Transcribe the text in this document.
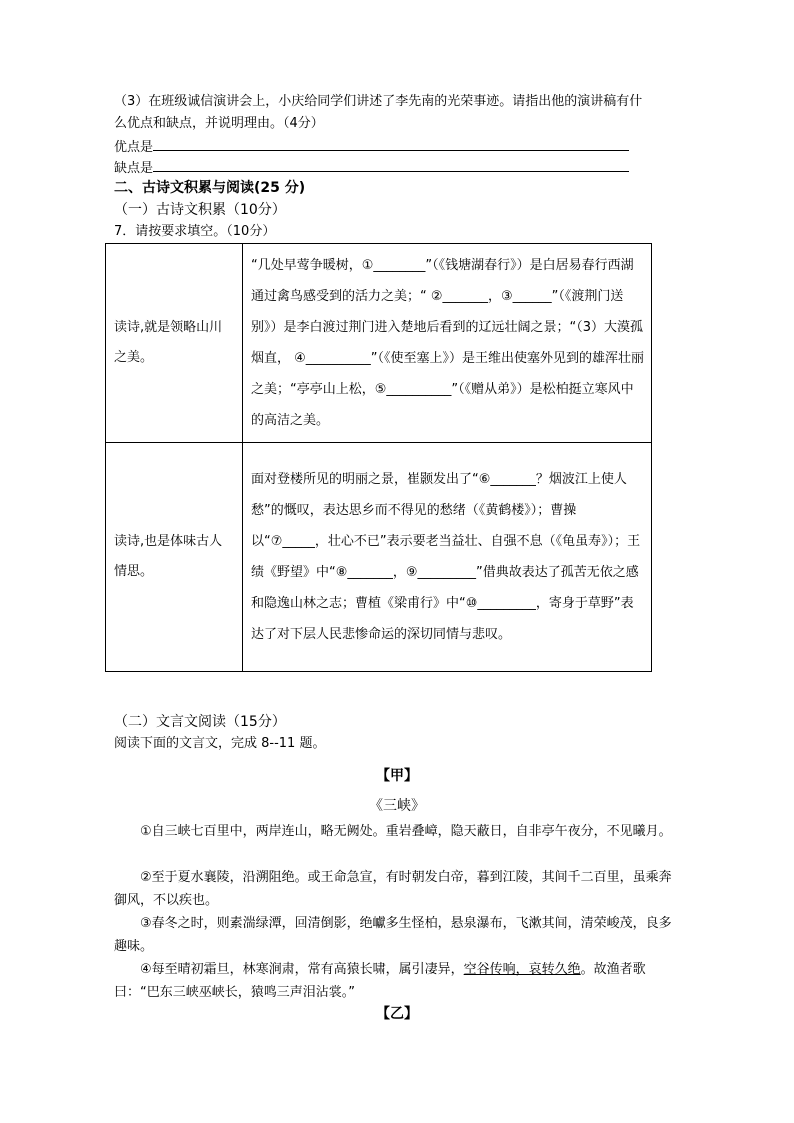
（3）在班级诚信演讲会上，小庆给同学们讲述了李先南的光荣事迹。请指出他的演讲稿有什
么优点和缺点，并说明理由。（4分）
优点是
缺点是
二、古诗文积累与阅读(25 分)
（一）古诗文积累（10分）
7．请按要求填空。（10分）
读诗,就是领略山川之美。	“几处早莺争暖树，①________”（《钱塘湖春行》）是白居易春行西湖通过禽鸟感受到的活力之美；“ ②_______，③______”（《渡荆门送别》）是李白渡过荆门进入楚地后看到的辽远壮阔之景；“（3）大漠孤烟直， ④__________”（《使至塞上》）是王维出使塞外见到的雄浑壮丽之美；“亭亭山上松，⑤__________”（《赠从弟》）是松柏挺立寒风中的高洁之美。
读诗,也是体味古人情思。	面对登楼所见的明丽之景，崔颢发出了“⑥_______？烟波江上使人愁”的慨叹，表达思乡而不得见的愁绪（《黄鹤楼》）；曹操以“⑦_____，壮心不已”表示要老当益壮、自强不息（《龟虽寿》）；王绩《野望》中“⑧_______，⑨_________”借典故表达了孤苦无依之感和隐逸山林之志；曹植《梁甫行》中“⑩_________，寄身于草野”表达了对下层人民悲惨命运的深切同情与悲叹。
（二）文言文阅读（15分）
阅读下面的文言文，完成 8--11 题。
【甲】
《三峡》
①自三峡七百里中，两岸连山，略无阙处。重岩叠嶂，隐天蔽日，自非亭午夜分，不见曦月。
②至于夏水襄陵，沿溯阻绝。或王命急宣，有时朝发白帝，暮到江陵，其间千二百里，虽乘奔御风，不以疾也。
③春冬之时，则素湍绿潭，回清倒影，绝巘多生怪柏，悬泉瀑布，飞漱其间，清荣峻茂，良多趣味。
④每至晴初霜旦，林寒涧肃，常有高猿长啸，属引凄异，空谷传响，哀转久绝。故渔者歌曰：“巴东三峡巫峡长，猿鸣三声泪沾裳。”
【乙】
